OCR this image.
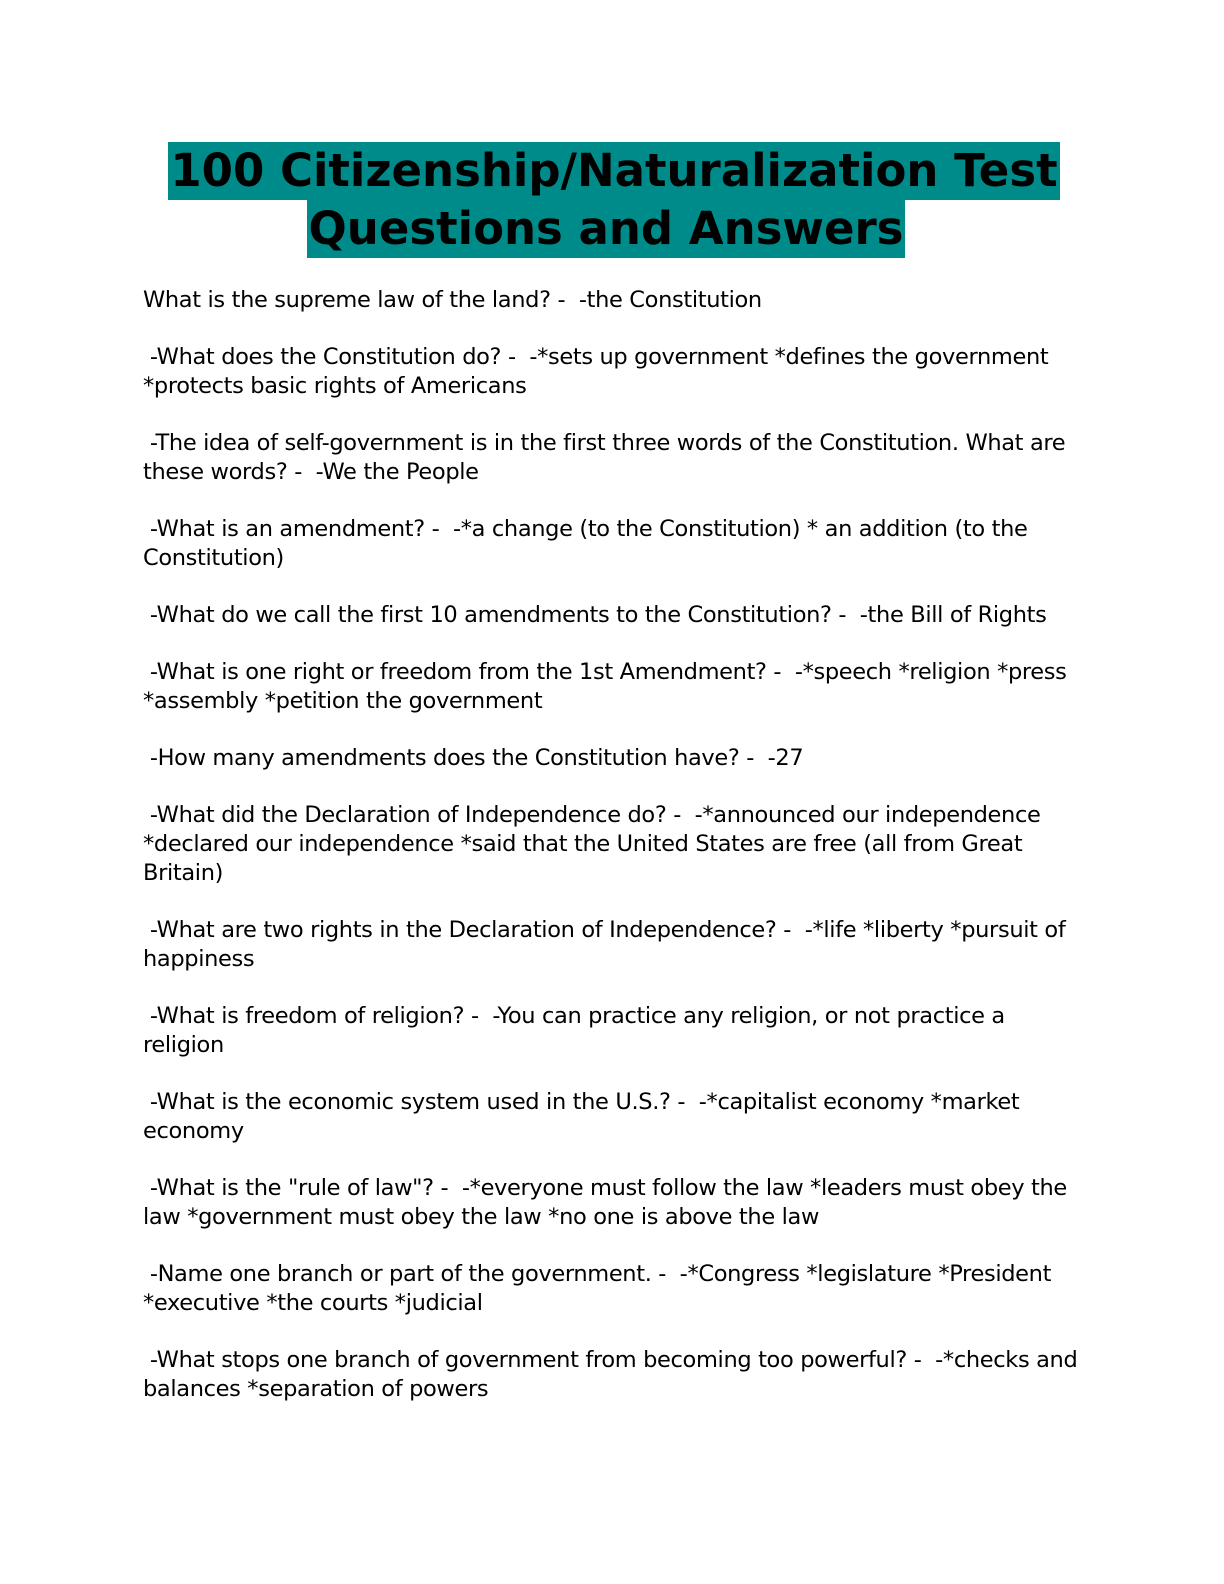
100 Citizenship/Naturalization Test
Questions and Answers
What is the supreme law of the land? -  -the Constitution
-What does the Constitution do? -  -*sets up government *defines the government *protects basic rights of Americans
-The idea of self-government is in the first three words of the Constitution. What are these words? -  -We the People
-What is an amendment? -  -*a change (to the Constitution) * an addition (to the Constitution)
-What do we call the first 10 amendments to the Constitution? -  -the Bill of Rights
-What is one right or freedom from the 1st Amendment? -  -*speech *religion *press *assembly *petition the government
-How many amendments does the Constitution have? -  -27
-What did the Declaration of Independence do? -  -*announced our independence *declared our independence *said that the United States are free (all from Great Britain)
-What are two rights in the Declaration of Independence? -  -*life *liberty *pursuit of happiness
-What is freedom of religion? -  -You can practice any religion, or not practice a religion
-What is the economic system used in the U.S.? -  -*capitalist economy *market economy
-What is the "rule of law"? -  -*everyone must follow the law *leaders must obey the law *government must obey the law *no one is above the law
-Name one branch or part of the government. -  -*Congress *legislature *President *executive *the courts *judicial
-What stops one branch of government from becoming too powerful? -  -*checks and balances *separation of powers
